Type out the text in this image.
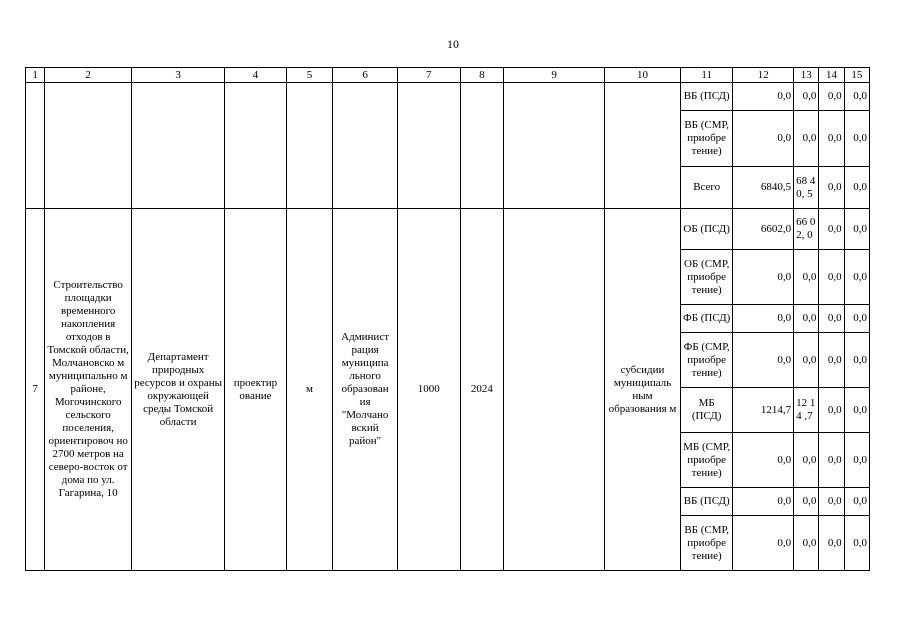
10
1	2	3	4	5	6	7	8	9	10	11	12	13	14	15
										ВБ (ПСД)	0,0	0,0	0,0	0,0
										ВБ (СМР, приобре тение)	0,0	0,0	0,0	0,0
										Всего	6840,5	68 40, 5	0,0	0,0
7	Строительство площадки временного накопления отходов в Томской области, Молчановско м муниципально м районе, Могочинского сельского поселения, ориентировоч но 2700 метров на северо-восток от дома по ул. Гагарина, 10	Департамент природных ресурсов и охраны окружающей среды Томской области	проектир ование	м	Админист рация муниципа льного образован ия "Молчано вский район"	1000	2024		субсидии муниципаль ным образования м	ОБ (ПСД)	6602,0	66 02, 0	0,0	0,0
										ОБ (СМР, приобре тение)	0,0	0,0	0,0	0,0
										ФБ (ПСД)	0,0	0,0	0,0	0,0
										ФБ (СМР, приобре тение)	0,0	0,0	0,0	0,0
										МБ (ПСД)	1214,7	12 14 ,7	0,0	0,0
										МБ (СМР, приобре тение)	0,0	0,0	0,0	0,0
										ВБ (ПСД)	0,0	0,0	0,0	0,0
										ВБ (СМР, приобре тение)	0,0	0,0	0,0	0,0
